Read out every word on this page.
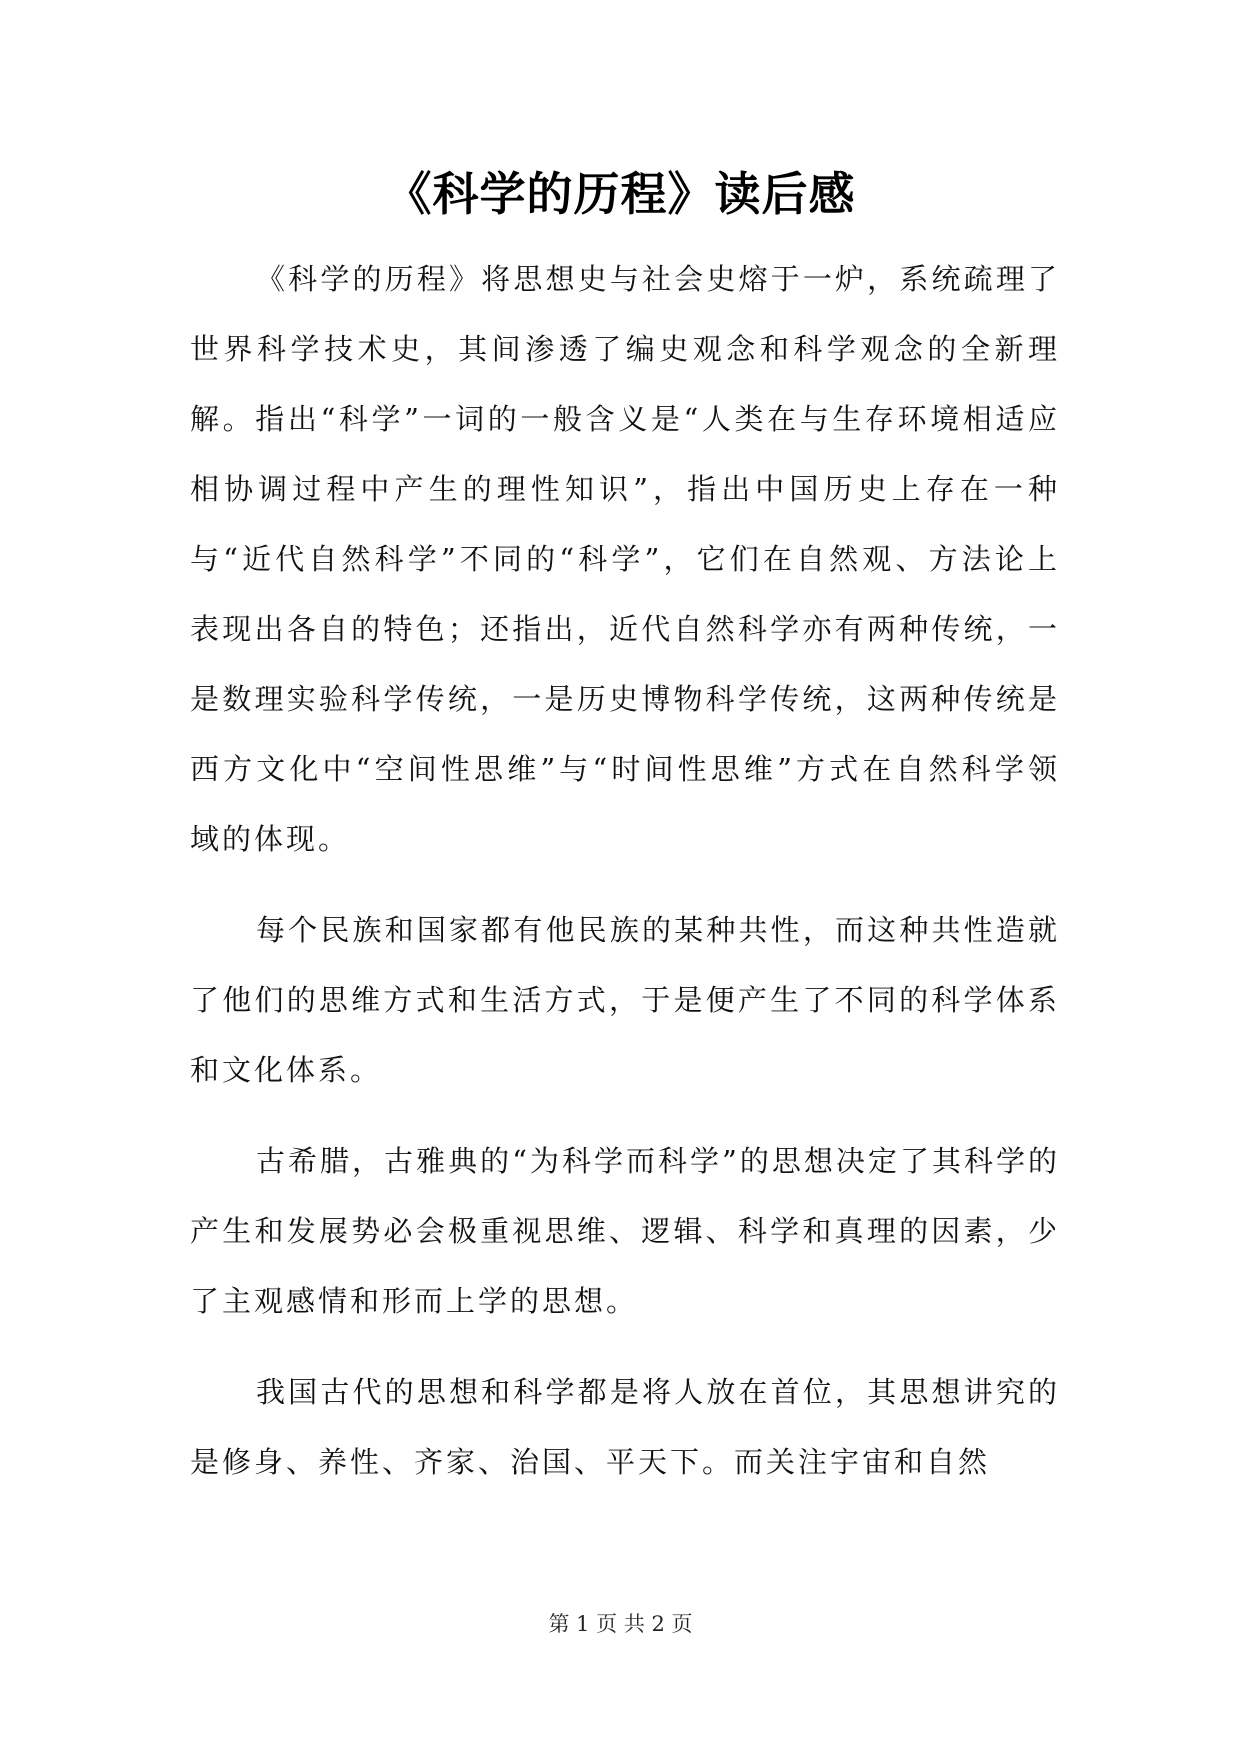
《科学的历程》读后感

《科学的历程》将思想史与社会史熔于一炉，系统疏理了世界科学技术史，其间渗透了编史观念和科学观念的全新理解。指出“科学”一词的一般含义是“人类在与生存环境相适应相协调过程中产生的理性知识”，指出中国历史上存在一种与“近代自然科学”不同的“科学”，它们在自然观、方法论上表现出各自的特色；还指出，近代自然科学亦有两种传统，一是数理实验科学传统，一是历史博物科学传统，这两种传统是西方文化中“空间性思维”与“时间性思维”方式在自然科学领域的体现。

每个民族和国家都有他民族的某种共性，而这种共性造就了他们的思维方式和生活方式，于是便产生了不同的科学体系和文化体系。

古希腊，古雅典的“为科学而科学”的思想决定了其科学的产生和发展势必会极重视思维、逻辑、科学和真理的因素，少了主观感情和形而上学的思想。

我国古代的思想和科学都是将人放在首位，其思想讲究的是修身、养性、齐家、治国、平天下。而关注宇宙和自然

第 1 页 共 2 页
